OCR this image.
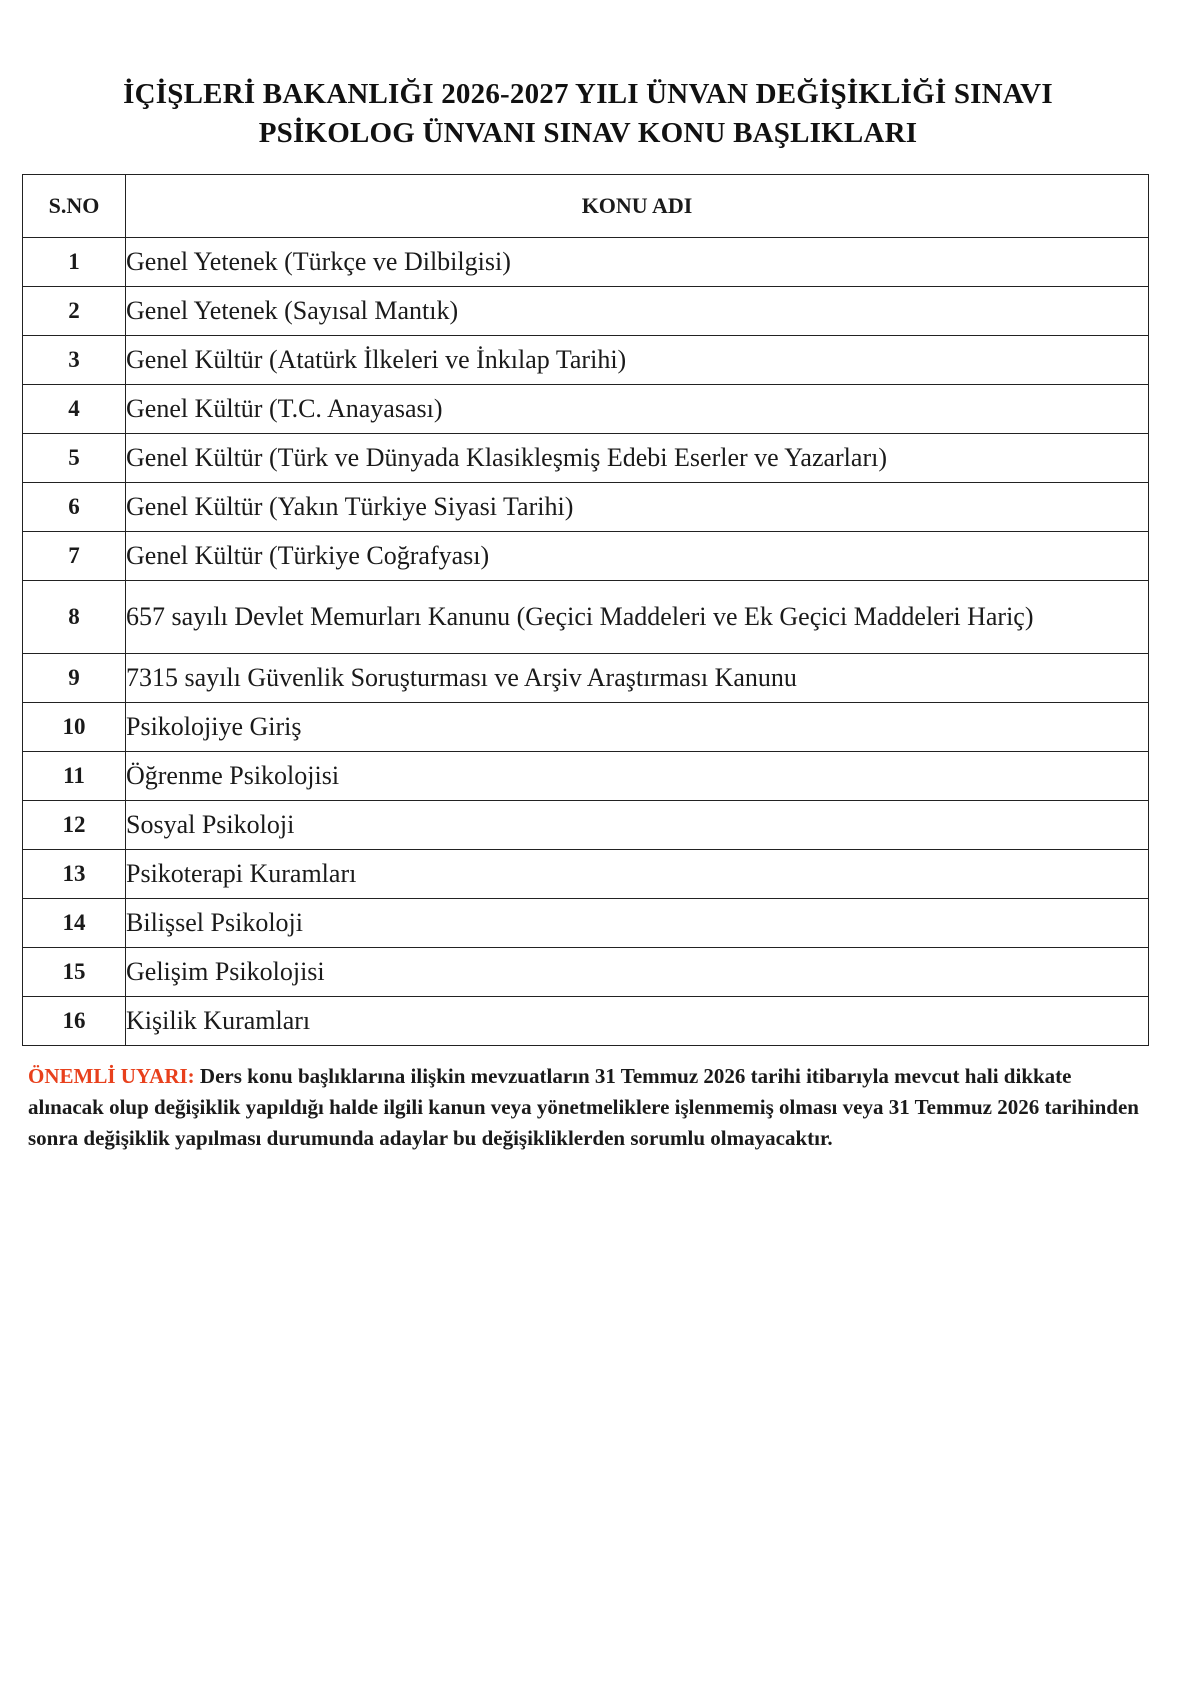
İÇİŞLERİ BAKANLIĞI 2026-2027 YILI ÜNVAN DEĞİŞİKLİĞİ SINAVI
PSİKOLOG ÜNVANI SINAV KONU BAŞLIKLARI
S.NO	KONU ADI
1	Genel Yetenek (Türkçe ve Dilbilgisi)
2	Genel Yetenek (Sayısal Mantık)
3	Genel Kültür (Atatürk İlkeleri ve İnkılap Tarihi)
4	Genel Kültür (T.C. Anayasası)
5	Genel Kültür (Türk ve Dünyada Klasikleşmiş Edebi Eserler ve Yazarları)
6	Genel Kültür (Yakın Türkiye Siyasi Tarihi)
7	Genel Kültür (Türkiye Coğrafyası)
8	657 sayılı Devlet Memurları Kanunu (Geçici Maddeleri ve Ek Geçici Maddeleri Hariç)
9	7315 sayılı Güvenlik Soruşturması ve Arşiv Araştırması Kanunu
10	Psikolojiye Giriş
11	Öğrenme Psikolojisi
12	Sosyal Psikoloji
13	Psikoterapi Kuramları
14	Bilişsel Psikoloji
15	Gelişim Psikolojisi
16	Kişilik Kuramları
ÖNEMLİ UYARI: Ders konu başlıklarına ilişkin mevzuatların 31 Temmuz 2026 tarihi itibarıyla mevcut hali dikkate alınacak olup değişiklik yapıldığı halde ilgili kanun veya yönetmeliklere işlenmemiş olması veya 31 Temmuz 2026 tarihinden sonra değişiklik yapılması durumunda adaylar bu değişikliklerden sorumlu olmayacaktır.
